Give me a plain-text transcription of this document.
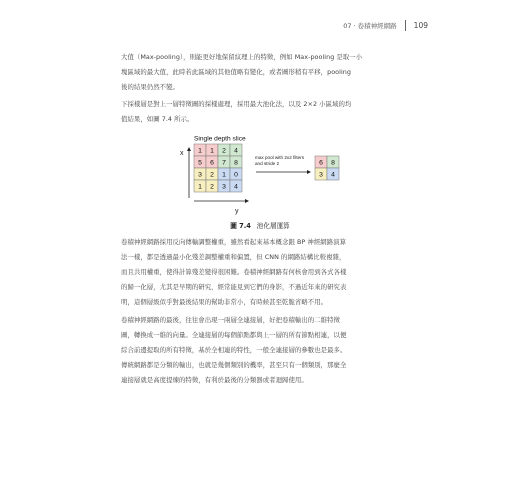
07 · 卷積神經網路 109

大值（Max-pooling），則能更好地保留紋理上的特徵，例如 Max-pooling 是取一小
塊區域的最大值，此時若此區域的其他值略有變化，或者圖形稍有平移，pooling
後的結果仍然不變。

下採樣層是對上一層特徵圖的採樣處理，採用最大池化法，以及 2×2 小區域的均
值結果，如圖 7.4 所示。

Single depth slice
1 1 2 4
5 6 7 8
3 2 1 0
1 2 3 4
x
y
max pool with 2x2 filters
and stride 2	6 8
3 4
圖 7.4 池化層運算

卷積神經網路採用反向傳輸調整權重，雖然看起來基本概念跟 BP 神經網路演算
法一樣，都是透過最小化殘差調整權重和偏置，但 CNN 的網路結構比較複雜，
而且共用權重，使得計算殘差變得很困難。卷積神經網路有何核會用到各式各樣
的歸一化層，尤其是早期的研究，經常能見到它們的身影，不過近年來的研究表
明，這個層級似乎對最後結果的幫助非常小，有時候甚至乾脆省略不用。

卷積神經網路的最後，往往會出現一兩層全連接層，好把卷積輸出的二維特徵
圖，轉換成一維的向量。全連接層的每個節點都與上一層的所有節點相連，以便
綜合前邊提取的所有特徵，基於全相連的特性，一般全連接層的參數也是最多。
傳統網路都是分類的輸出，也就是幾個類別的機率，甚至只有一個類別，那麼全
連接層就是高度提煉的特徵，有利於最後的分類器或者迴歸使用。
